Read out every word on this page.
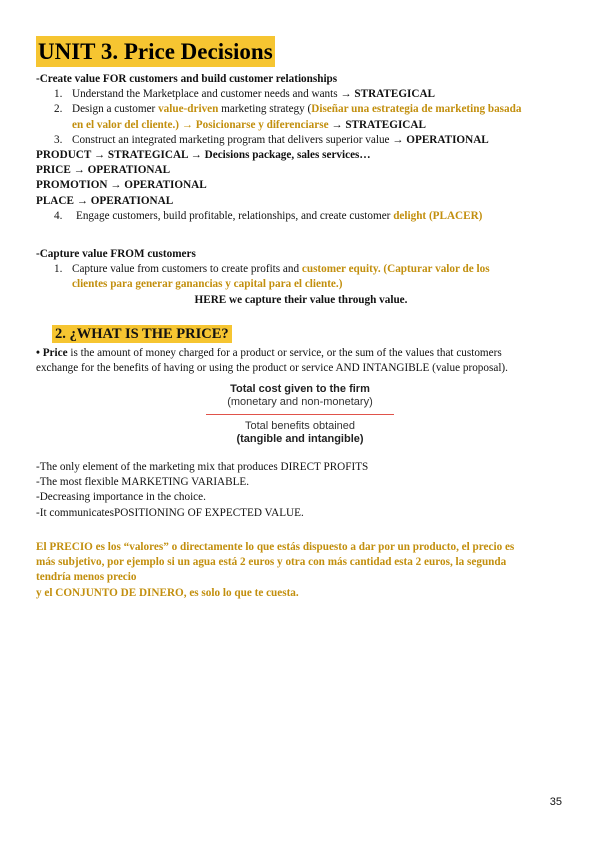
UNIT 3. Price Decisions
-Create value FOR customers and build customer relationships
1. Understand the Marketplace and customer needs and wants → STRATEGICAL
2. Design a customer value-driven marketing strategy (Diseñar una estrategia de marketing basada
en el valor del cliente.) → Posicionarse y diferenciarse → STRATEGICAL
3. Construct an integrated marketing program that delivers superior value → OPERATIONAL
PRODUCT → STRATEGICAL → Decisions package, sales services…
PRICE → OPERATIONAL
PROMOTION → OPERATIONAL
PLACE → OPERATIONAL
4. Engage customers, build profitable, relationships, and create customer delight (PLACER)
-Capture value FROM customers
1. Capture value from customers to create profits and customer equity. (Capturar valor de los
clientes para generar ganancias y capital para el cliente.)
HERE we capture their value through value.
2. ¿WHAT IS THE PRICE?
• Price is the amount of money charged for a product or service, or the sum of the values that customers
exchange for the benefits of having or using the product or service AND INTANGIBLE (value proposal).
Total cost given to the firm
(monetary and non-monetary)
Total benefits obtained
(tangible and intangible)
-The only element of the marketing mix that produces DIRECT PROFITS
-The most flexible MARKETING VARIABLE.
-Decreasing importance in the choice.
-It communicatesPOSITIONING OF EXPECTED VALUE.
El PRECIO es los “valores” o directamente lo que estás dispuesto a dar por un producto, el precio es
más subjetivo, por ejemplo si un agua está 2 euros y otra con más cantidad esta 2 euros, la segunda
tendría menos precio
y el CONJUNTO DE DINERO, es solo lo que te cuesta.
35
